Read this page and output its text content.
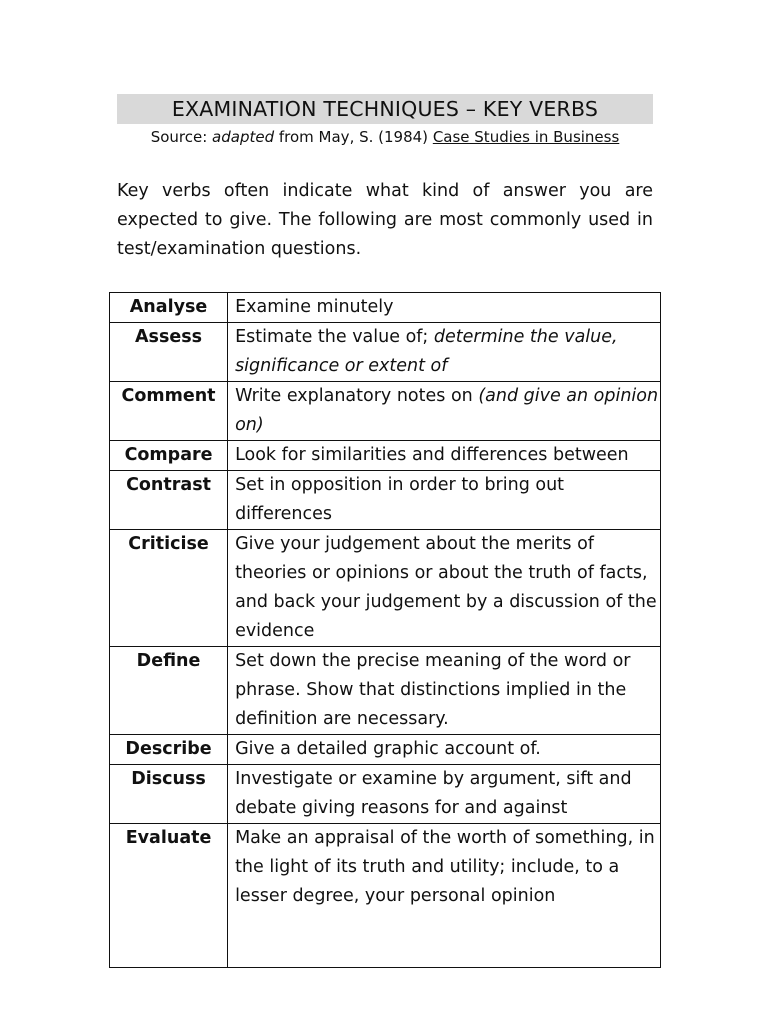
EXAMINATION TECHNIQUES – KEY VERBS
Source: adapted from May, S. (1984) Case Studies in Business
Key verbs often indicate what kind of answer you are expected to give. The following are most commonly used in test/examination questions.
Analyse	Examine minutely
Assess	Estimate the value of; determine the value, significance or extent of
Comment	Write explanatory notes on (and give an opinion on)
Compare	Look for similarities and differences between
Contrast	Set in opposition in order to bring out differences
Criticise	Give your judgement about the merits of theories or opinions or about the truth of facts, and back your judgement by a discussion of the evidence
Define	Set down the precise meaning of the word or phrase. Show that distinctions implied in the definition are necessary.
Describe	Give a detailed graphic account of.
Discuss	Investigate or examine by argument, sift and debate giving reasons for and against
Evaluate	Make an appraisal of the worth of something, in the light of its truth and utility; include, to a lesser degree, your personal opinion
